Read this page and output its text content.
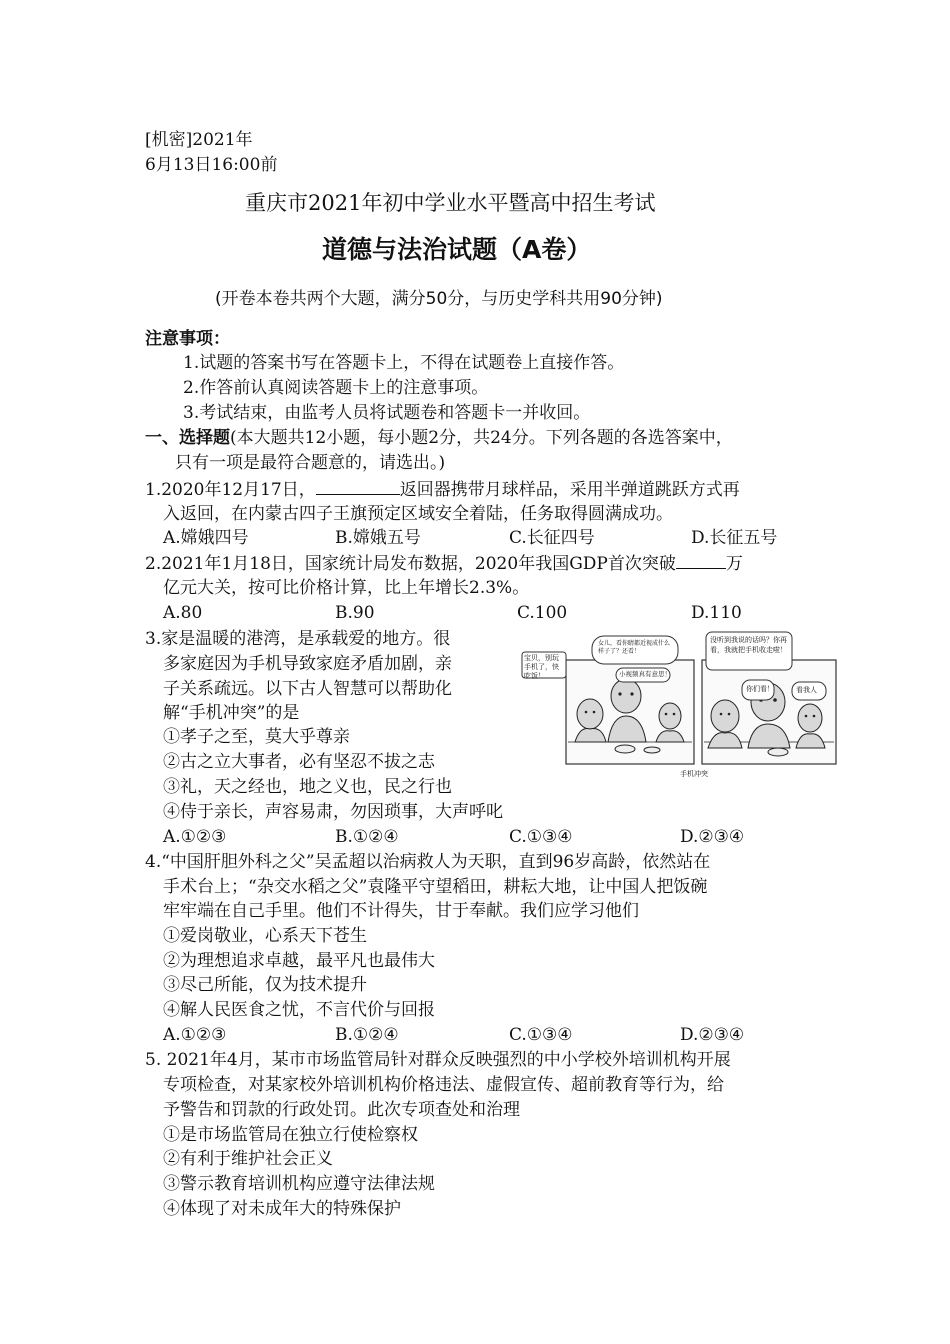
[机密]2021年
6月13日16:00前
重庆市2021年初中学业水平暨高中招生考试
道德与法治试题（A卷）
(开卷本卷共两个大题，满分50分，与历史学科共用90分钟)
注意事项：
1.试题的答案书写在答题卡上，不得在试题卷上直接作答。
2.作答前认真阅读答题卡上的注意事项。
3.考试结束，由监考人员将试题卷和答题卡一并收回。
一、选择题(本大题共12小题，每小题2分，共24分。下列各题的各选答案中，
只有一项是最符合题意的，请选出。)
1.2020年12月17日，	返回器携带月球样品，采用半弹道跳跃方式再
入返回，在内蒙古四子王旗预定区域安全着陆，任务取得圆满成功。
A.嫦娥四号	B.嫦娥五号	C.长征四号	D.长征五号
2.2021年1月18日，国家统计局发布数据，2020年我国GDP首次突破	万
亿元大关，按可比价格计算，比上年增长2.3%。
A.80	B.90	C.100	D.110
3.家是温暖的港湾，是承载爱的地方。很
多家庭因为手机导致家庭矛盾加剧，亲
子关系疏远。以下古人智慧可以帮助化
解“手机冲突”的是
①孝子之至，莫大乎尊亲
②古之立大事者，必有坚忍不拔之志
③礼，天之经也，地之义也，民之行也
④侍于亲长，声容易肃，勿因琐事，大声呼叱
A.①②③	B.①②④	C.①③④	D.②③④
宝贝，别玩手机了，快吃饭！
女儿，看你睛都近视成什么样子了？还看！
小视频真有意思！
没听到我说的话吗？你再看，我就把手机收走啦！
你们看！	看我人
手机冲突
4.“中国肝胆外科之父”吴孟超以治病救人为天职，直到96岁高龄，依然站在
手术台上；“杂交水稻之父”袁隆平守望稻田，耕耘大地，让中国人把饭碗
牢牢端在自己手里。他们不计得失，甘于奉献。我们应学习他们
①爱岗敬业，心系天下苍生
②为理想追求卓越，最平凡也最伟大
③尽己所能，仅为技术提升
④解人民医食之忧，不言代价与回报
A.①②③	B.①②④	C.①③④	D.②③④
5. 2021年4月，某市市场监管局针对群众反映强烈的中小学校外培训机构开展
专项检查，对某家校外培训机构价格违法、虚假宣传、超前教育等行为，给
予警告和罚款的行政处罚。此次专项查处和治理
①是市场监管局在独立行使检察权
②有利于维护社会正义
③警示教育培训机构应遵守法律法规
④体现了对未成年大的特殊保护
